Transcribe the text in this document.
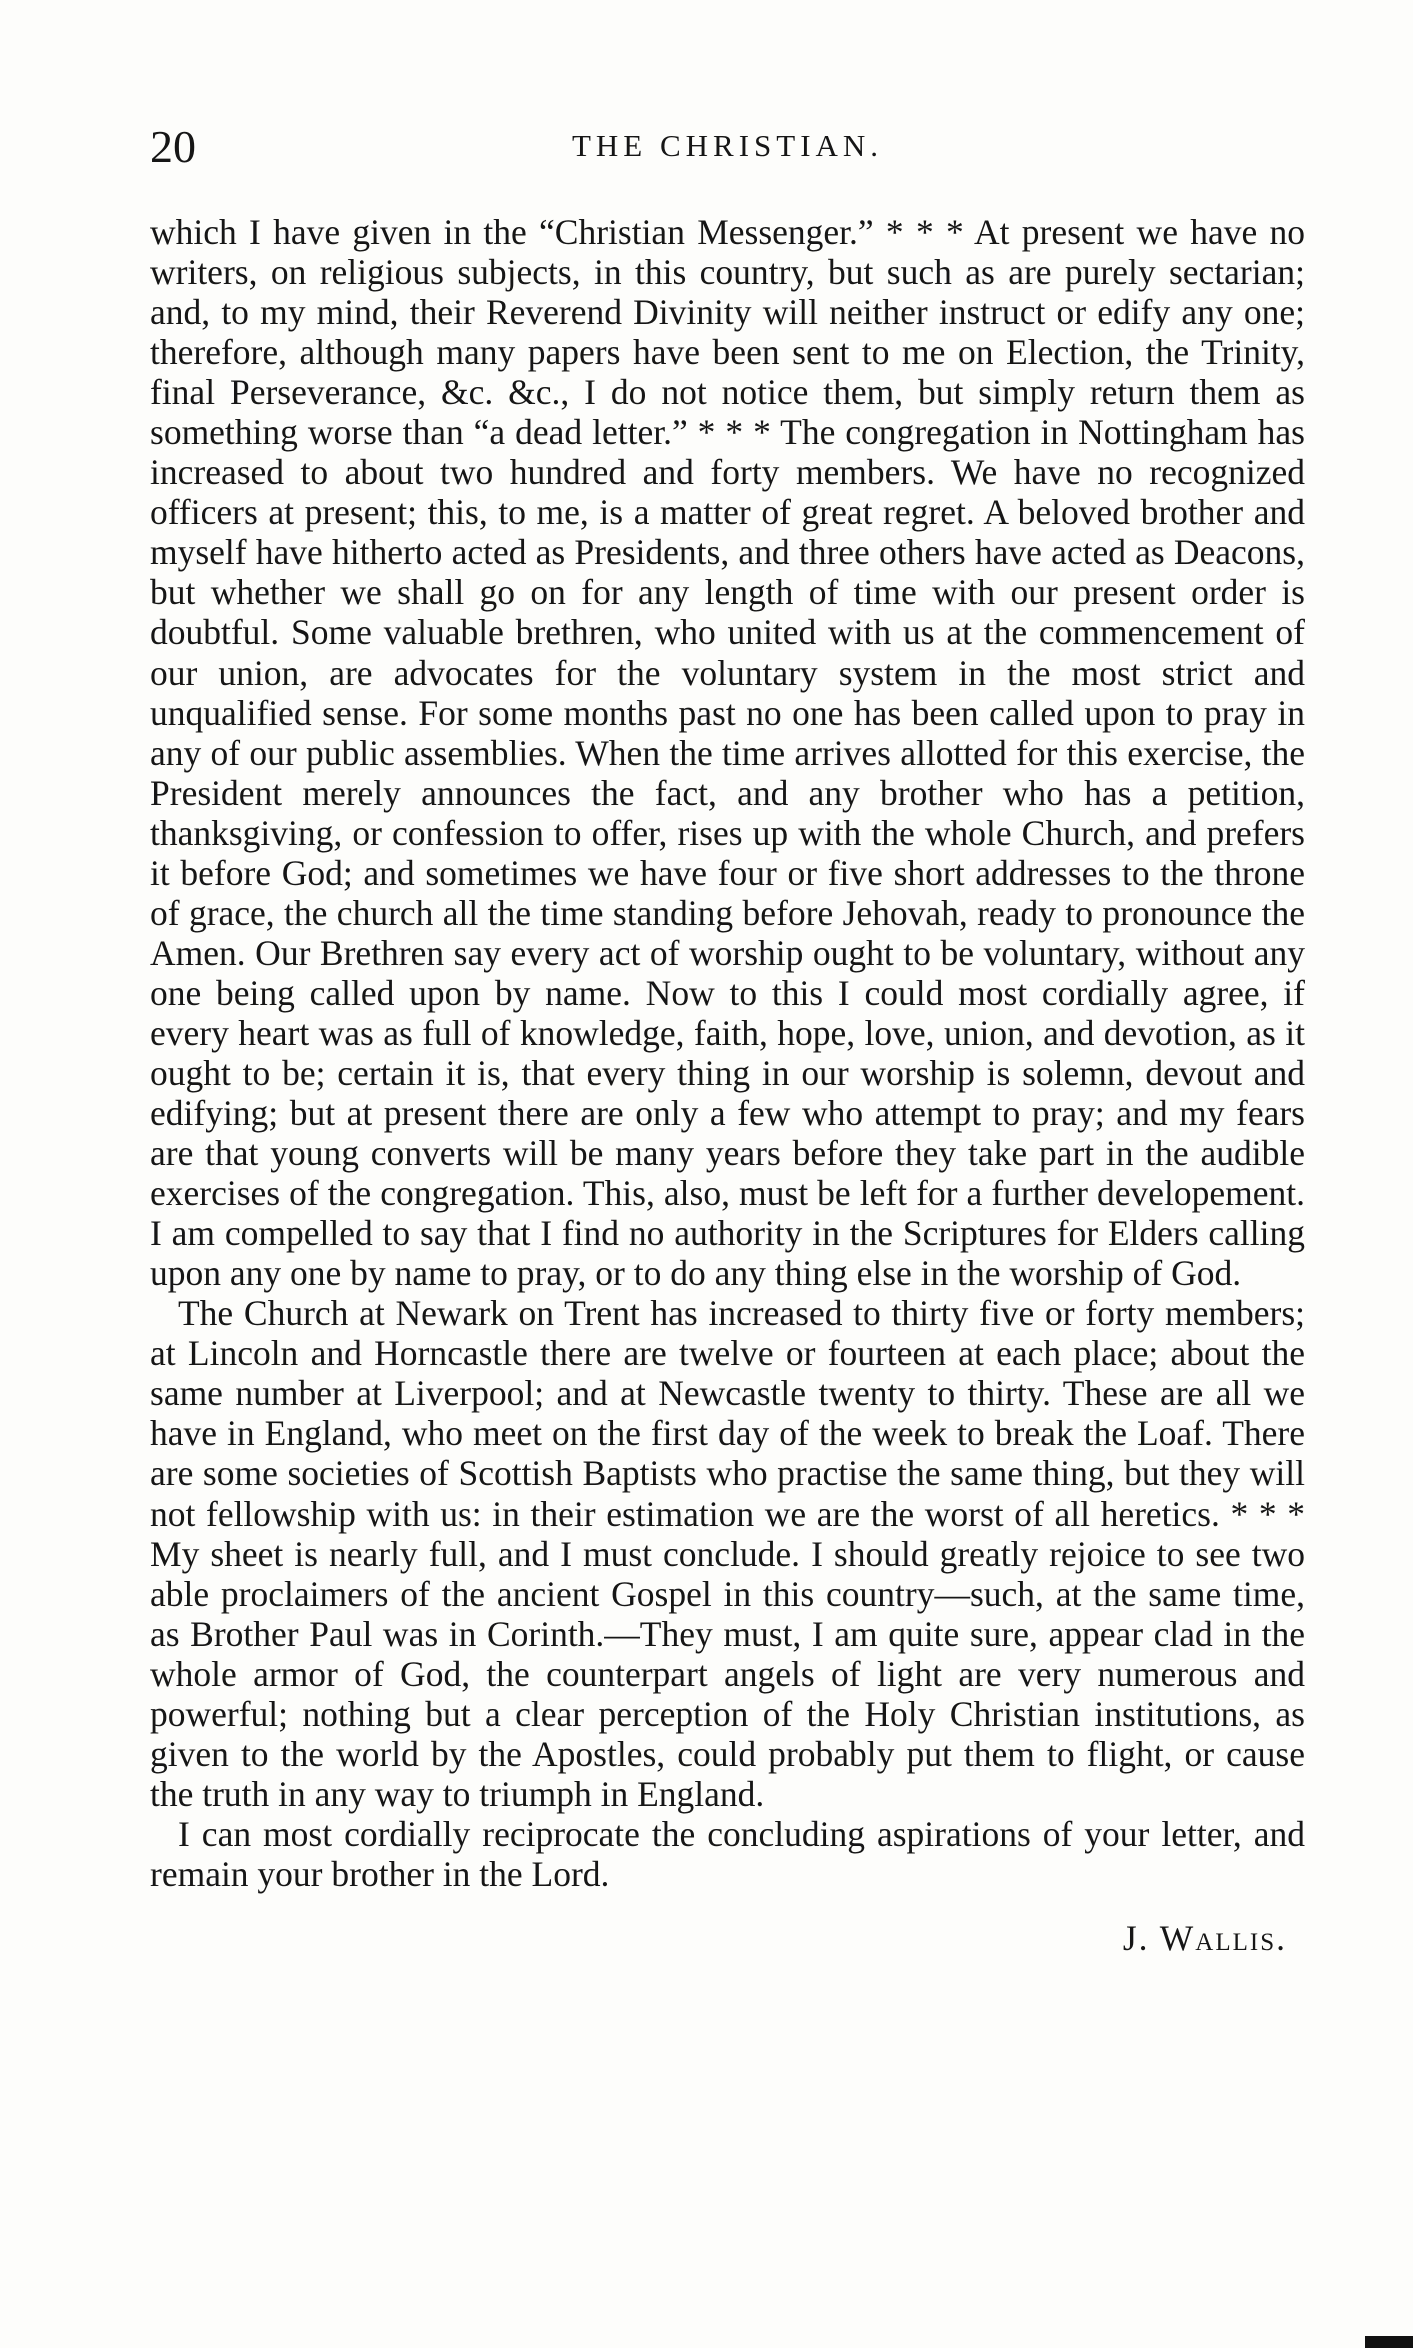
20	THE CHRISTIAN.

which I have given in the “Christian Messenger.” * * * At present we have no writers, on religious subjects, in this country, but such as are purely sectarian; and, to my mind, their Reverend Divinity will neither instruct or edify any one; therefore, although many papers have been sent to me on Election, the Trinity, final Perseverance, &c. &c., I do not notice them, but simply return them as something worse than “a dead letter.” * * * The congregation in Nottingham has increased to about two hundred and forty members. We have no recognized officers at present; this, to me, is a matter of great regret. A beloved brother and myself have hitherto acted as Presidents, and three others have acted as Deacons, but whether we shall go on for any length of time with our present order is doubtful. Some valuable brethren, who united with us at the commencement of our union, are advocates for the voluntary system in the most strict and unqualified sense. For some months past no one has been called upon to pray in any of our public assemblies. When the time arrives allotted for this exercise, the President merely announces the fact, and any brother who has a petition, thanksgiving, or confession to offer, rises up with the whole Church, and prefers it before God; and sometimes we have four or five short addresses to the throne of grace, the church all the time standing before Jehovah, ready to pronounce the Amen. Our Brethren say every act of worship ought to be voluntary, without any one being called upon by name. Now to this I could most cordially agree, if every heart was as full of knowledge, faith, hope, love, union, and devotion, as it ought to be; certain it is, that every thing in our worship is solemn, devout and edifying; but at present there are only a few who attempt to pray; and my fears are that young converts will be many years before they take part in the audible exercises of the congregation. This, also, must be left for a further developement. I am compelled to say that I find no authority in the Scriptures for Elders calling upon any one by name to pray, or to do any thing else in the worship of God.

The Church at Newark on Trent has increased to thirty five or forty members; at Lincoln and Horncastle there are twelve or fourteen at each place; about the same number at Liverpool; and at Newcastle twenty to thirty. These are all we have in England, who meet on the first day of the week to break the Loaf. There are some societies of Scottish Baptists who practise the same thing, but they will not fellowship with us: in their estimation we are the worst of all heretics. * * * My sheet is nearly full, and I must conclude. I should greatly rejoice to see two able proclaimers of the ancient Gospel in this country—such, at the same time, as Brother Paul was in Corinth.—They must, I am quite sure, appear clad in the whole armor of God, the counterpart angels of light are very numerous and powerful; nothing but a clear perception of the Holy Christian institutions, as given to the world by the Apostles, could probably put them to flight, or cause the truth in any way to triumph in England.

I can most cordially reciprocate the concluding aspirations of your letter, and remain your brother in the Lord.

J. Wallis.
